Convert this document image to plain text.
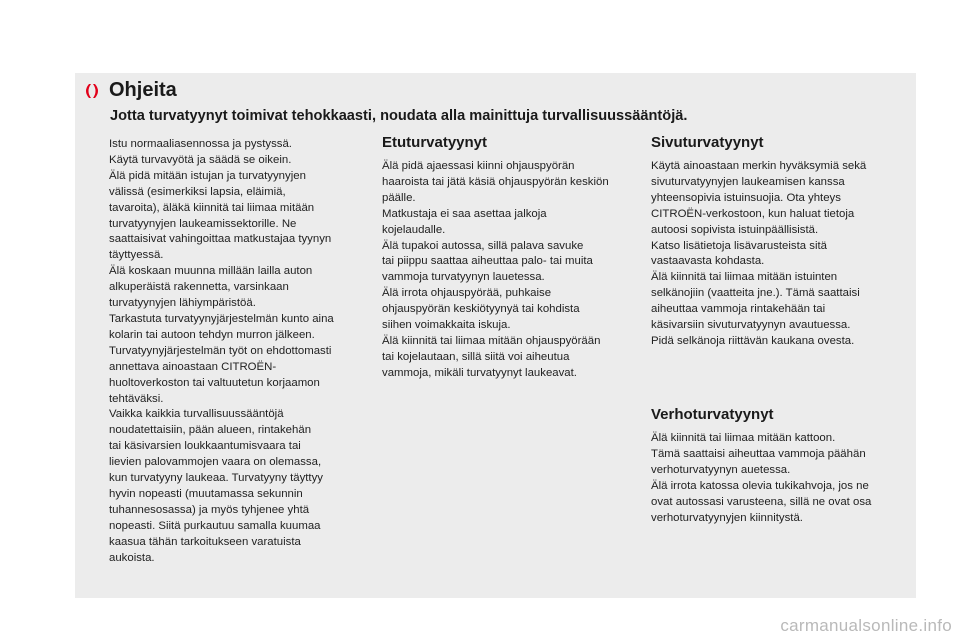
Ohjeita
Jotta turvatyynyt toimivat tehokkaasti, noudata alla mainittuja turvallisuussääntöjä.

Istu normaaliasennossa ja pystyssä.
Käytä turvavyötä ja säädä se oikein.
Älä pidä mitään istujan ja turvatyynyjen
välissä (esimerkiksi lapsia, eläimiä,
tavaroita), äläkä kiinnitä tai liimaa mitään
turvatyynyjen laukeamissektorille. Ne
saattaisivat vahingoittaa matkustajaa tyynyn
täyttyessä.
Älä koskaan muunna millään lailla auton
alkuperäistä rakennetta, varsinkaan
turvatyynyjen lähiympäristöä.
Tarkastuta turvatyynyjärjestelmän kunto aina
kolarin tai autoon tehdyn murron jälkeen.
Turvatyynyjärjestelmän työt on ehdottomasti
annettava ainoastaan CITROËN-
huoltoverkoston tai valtuutetun korjaamon
tehtäväksi.
Vaikka kaikkia turvallisuussääntöjä
noudatettaisiin, pään alueen, rintakehän
tai käsivarsien loukkaantumisvaara tai
lievien palovammojen vaara on olemassa,
kun turvatyyny laukeaa. Turvatyyny täyttyy
hyvin nopeasti (muutamassa sekunnin
tuhannesosassa) ja myös tyhjenee yhtä
nopeasti. Siitä purkautuu samalla kuumaa
kaasua tähän tarkoitukseen varatuista
aukoista.

Etuturvatyynyt

Älä pidä ajaessasi kiinni ohjauspyörän
haaroista tai jätä käsiä ohjauspyörän keskiön
päälle.
Matkustaja ei saa asettaa jalkoja
kojelaudalle.
Älä tupakoi autossa, sillä palava savuke
tai piippu saattaa aiheuttaa palo- tai muita
vammoja turvatyynyn lauetessa.
Älä irrota ohjauspyörää, puhkaise
ohjauspyörän keskiötyynyä tai kohdista
siihen voimakkaita iskuja.
Älä kiinnitä tai liimaa mitään ohjauspyörään
tai kojelautaan, sillä siitä voi aiheutua
vammoja, mikäli turvatyynyt laukeavat.

Sivuturvatyynyt

Käytä ainoastaan merkin hyväksymiä sekä
sivuturvatyynyjen laukeamisen kanssa
yhteensopivia istuinsuojia. Ota yhteys
CITROËN-verkostoon, kun haluat tietoja
autoosi sopivista istuinpäällisistä.
Katso lisätietoja lisävarusteista sitä
vastaavasta kohdasta.
Älä kiinnitä tai liimaa mitään istuinten
selkänojiin (vaatteita jne.). Tämä saattaisi
aiheuttaa vammoja rintakehään tai
käsivarsiin sivuturvatyynyn avautuessa.
Pidä selkänoja riittävän kaukana ovesta.

Verhoturvatyynyt

Älä kiinnitä tai liimaa mitään kattoon.
Tämä saattaisi aiheuttaa vammoja päähän
verhoturvatyynyn auetessa.
Älä irrota katossa olevia tukikahvoja, jos ne
ovat autossasi varusteena, sillä ne ovat osa
verhoturvatyynyjen kiinnitystä.

carmanualsonline.info
